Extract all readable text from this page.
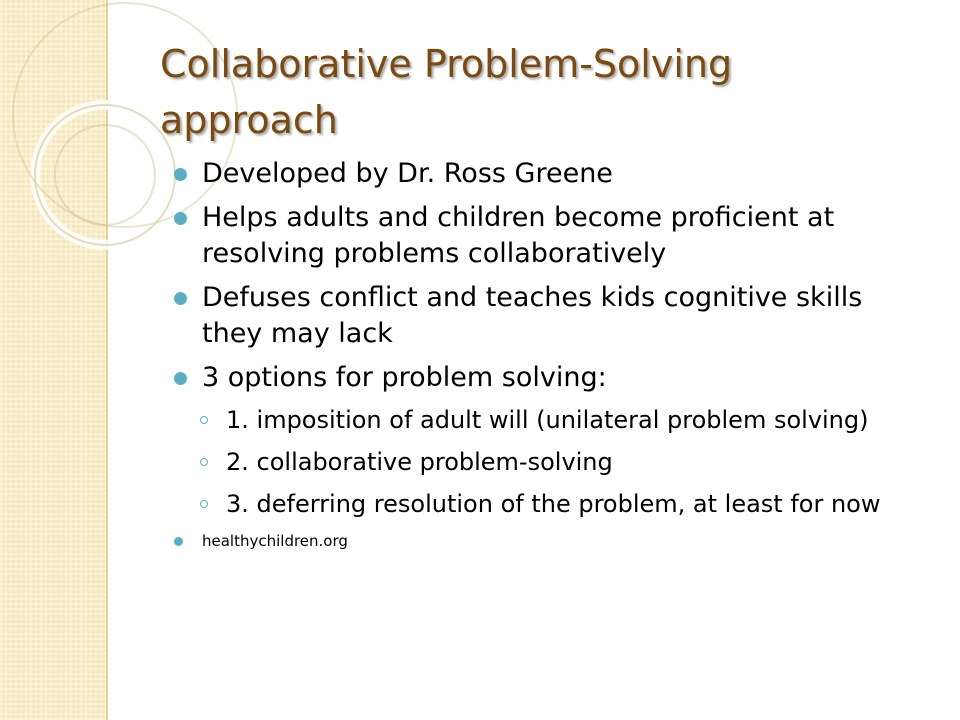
Collaborative Problem-Solving approach
Developed by Dr. Ross Greene
Helps adults and children become proficient at resolving problems collaboratively
Defuses conflict and teaches kids cognitive skills they may lack
3 options for problem solving:
1. imposition of adult will (unilateral problem solving)
2. collaborative problem-solving
3. deferring resolution of the problem, at least for now
healthychildren.org
